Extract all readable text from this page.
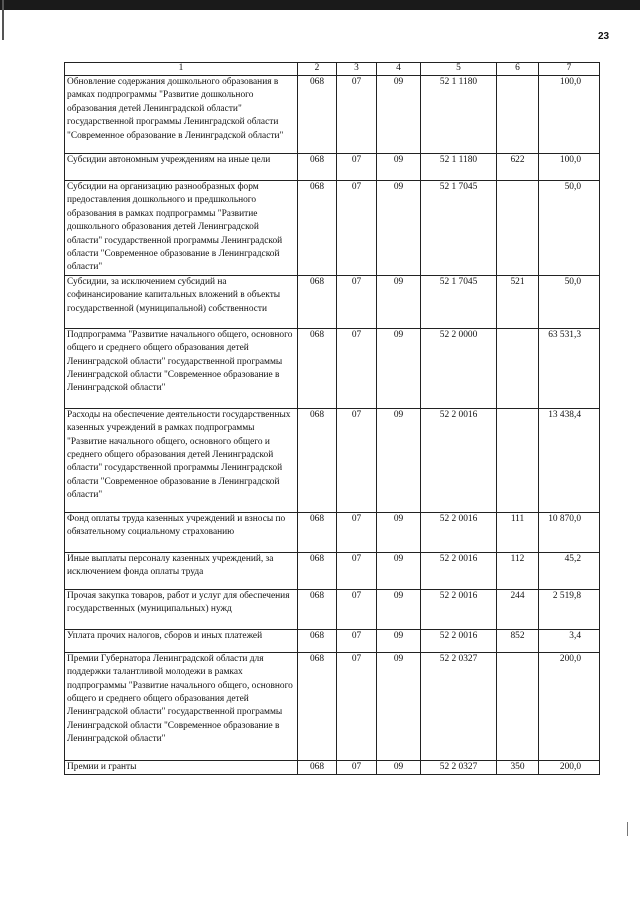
23
1	2	3	4	5	6	7
Обновление содержания дошкольного образования в рамках подпрограммы "Развитие дошкольного образования детей Ленинградской области" государственной программы Ленинградской области "Современное образование в Ленинградской области"	068	07	09	52 1 1180		100,0
Субсидии автономным учреждениям на иные цели	068	07	09	52 1 1180	622	100,0
Субсидии на организацию разнообразных форм предоставления дошкольного и предшкольного образования в рамках подпрограммы "Развитие дошкольного образования детей Ленинградской области" государственной программы Ленинградской области "Современное образование в Ленинградской области"	068	07	09	52 1 7045		50,0
Субсидии, за исключением субсидий на софинансирование капитальных вложений в объекты государственной (муниципальной) собственности	068	07	09	52 1 7045	521	50,0
Подпрограмма "Развитие начального общего, основного общего и среднего общего образования детей Ленинградской области" государственной программы Ленинградской области "Современное образование в Ленинградской области"	068	07	09	52 2 0000		63 531,3
Расходы на обеспечение деятельности государственных казенных учреждений в рамках подпрограммы "Развитие начального общего, основного общего и среднего общего образования детей Ленинградской области" государственной программы Ленинградской области "Современное образование в Ленинградской области"	068	07	09	52 2 0016		13 438,4
Фонд оплаты труда казенных учреждений и взносы по обязательному социальному страхованию	068	07	09	52 2 0016	111	10 870,0
Иные выплаты персоналу казенных учреждений, за исключением фонда оплаты труда	068	07	09	52 2 0016	112	45,2
Прочая закупка товаров, работ и услуг для обеспечения государственных (муниципальных) нужд	068	07	09	52 2 0016	244	2 519,8
Уплата прочих налогов, сборов и иных платежей	068	07	09	52 2 0016	852	3,4
Премии Губернатора Ленинградской области для поддержки талантливой молодежи в рамках подпрограммы "Развитие начального общего, основного общего и среднего общего образования детей Ленинградской области" государственной программы Ленинградской области "Современное образование в Ленинградской области"	068	07	09	52 2 0327		200,0
Премии и гранты	068	07	09	52 2 0327	350	200,0
